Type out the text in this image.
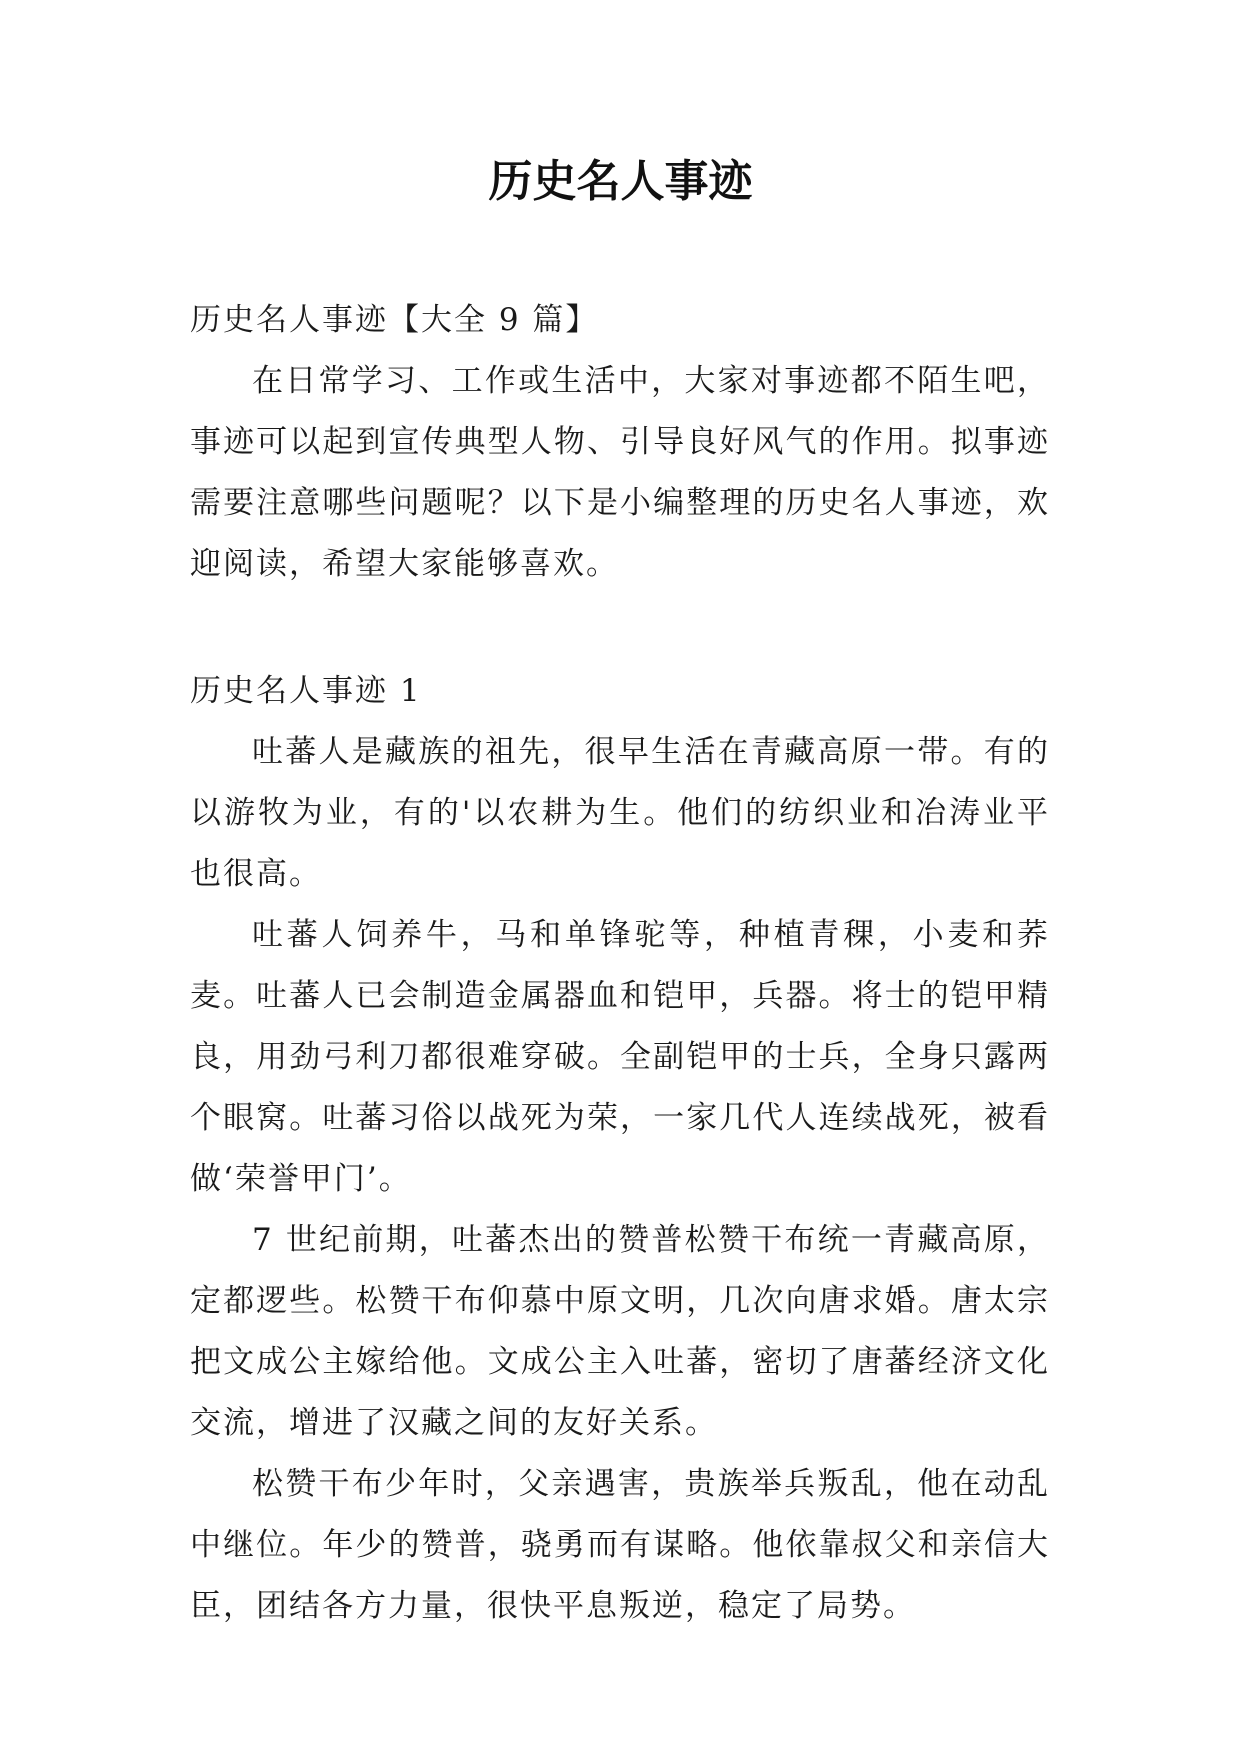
历史名人事迹

历史名人事迹【大全 9 篇】

在日常学习、工作或生活中，大家对事迹都不陌生吧，事迹可以起到宣传典型人物、引导良好风气的作用。拟事迹需要注意哪些问题呢？以下是小编整理的历史名人事迹，欢迎阅读，希望大家能够喜欢。

历史名人事迹 1

吐蕃人是藏族的祖先，很早生活在青藏高原一带。有的以游牧为业，有的'以农耕为生。他们的纺织业和冶涛业平也很高。

吐蕃人饲养牛，马和单锋驼等，种植青稞，小麦和荞麦。吐蕃人已会制造金属器血和铠甲，兵器。将士的铠甲精良，用劲弓利刀都很难穿破。全副铠甲的士兵，全身只露两个眼窝。吐蕃习俗以战死为荣，一家几代人连续战死，被看做‘荣誉甲门’。

7 世纪前期，吐蕃杰出的赞普松赞干布统一青藏高原，定都逻些。松赞干布仰慕中原文明，几次向唐求婚。唐太宗把文成公主嫁给他。文成公主入吐蕃，密切了唐蕃经济文化交流，增进了汉藏之间的友好关系。

松赞干布少年时，父亲遇害，贵族举兵叛乱，他在动乱中继位。年少的赞普，骁勇而有谋略。他依靠叔父和亲信大臣，团结各方力量，很快平息叛逆，稳定了局势。
